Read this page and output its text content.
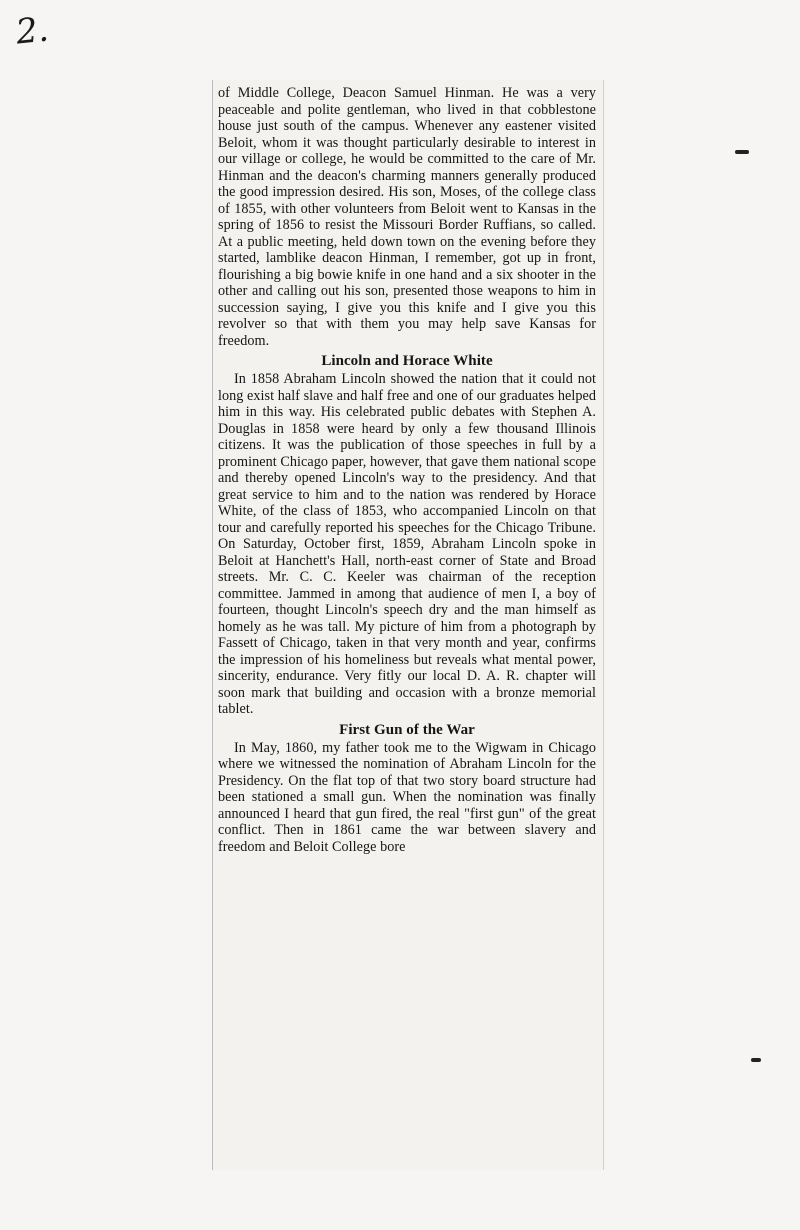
2.

of Middle College, Deacon Samuel Hinman. He was a very peaceable and polite gentleman, who lived in that cobblestone house just south of the campus. Whenever any eastener visited Beloit, whom it was thought particularly desirable to interest in our village or college, he would be committed to the care of Mr. Hinman and the deacon's charming manners generally produced the good impression desired. His son, Moses, of the college class of 1855, with other volunteers from Beloit went to Kansas in the spring of 1856 to resist the Missouri Border Ruffians, so called. At a public meeting, held down town on the evening before they started, lamblike deacon Hinman, I remember, got up in front, flourishing a big bowie knife in one hand and a six shooter in the other and calling out his son, presented those weapons to him in succession saying, I give you this knife and I give you this revolver so that with them you may help save Kansas for freedom.

Lincoln and Horace White

In 1858 Abraham Lincoln showed the nation that it could not long exist half slave and half free and one of our graduates helped him in this way. His celebrated public debates with Stephen A. Douglas in 1858 were heard by only a few thousand Illinois citizens. It was the publication of those speeches in full by a prominent Chicago paper, however, that gave them national scope and thereby opened Lincoln's way to the presidency. And that great service to him and to the nation was rendered by Horace White, of the class of 1853, who accompanied Lincoln on that tour and carefully reported his speeches for the Chicago Tribune. On Saturday, October first, 1859, Abraham Lincoln spoke in Beloit at Hanchett's Hall, north-east corner of State and Broad streets. Mr. C. C. Keeler was chairman of the reception committee. Jammed in among that audience of men I, a boy of fourteen, thought Lincoln's speech dry and the man himself as homely as he was tall. My picture of him from a photograph by Fassett of Chicago, taken in that very month and year, confirms the impression of his homeliness but reveals what mental power, sincerity, endurance. Very fitly our local D. A. R. chapter will soon mark that building and occasion with a bronze memorial tablet.

First Gun of the War

In May, 1860, my father took me to the Wigwam in Chicago where we witnessed the nomination of Abraham Lincoln for the Presidency. On the flat top of that two story board structure had been stationed a small gun. When the nomination was finally announced I heard that gun fired, the real "first gun" of the great conflict. Then in 1861 came the war between slavery and freedom and Beloit College bore
